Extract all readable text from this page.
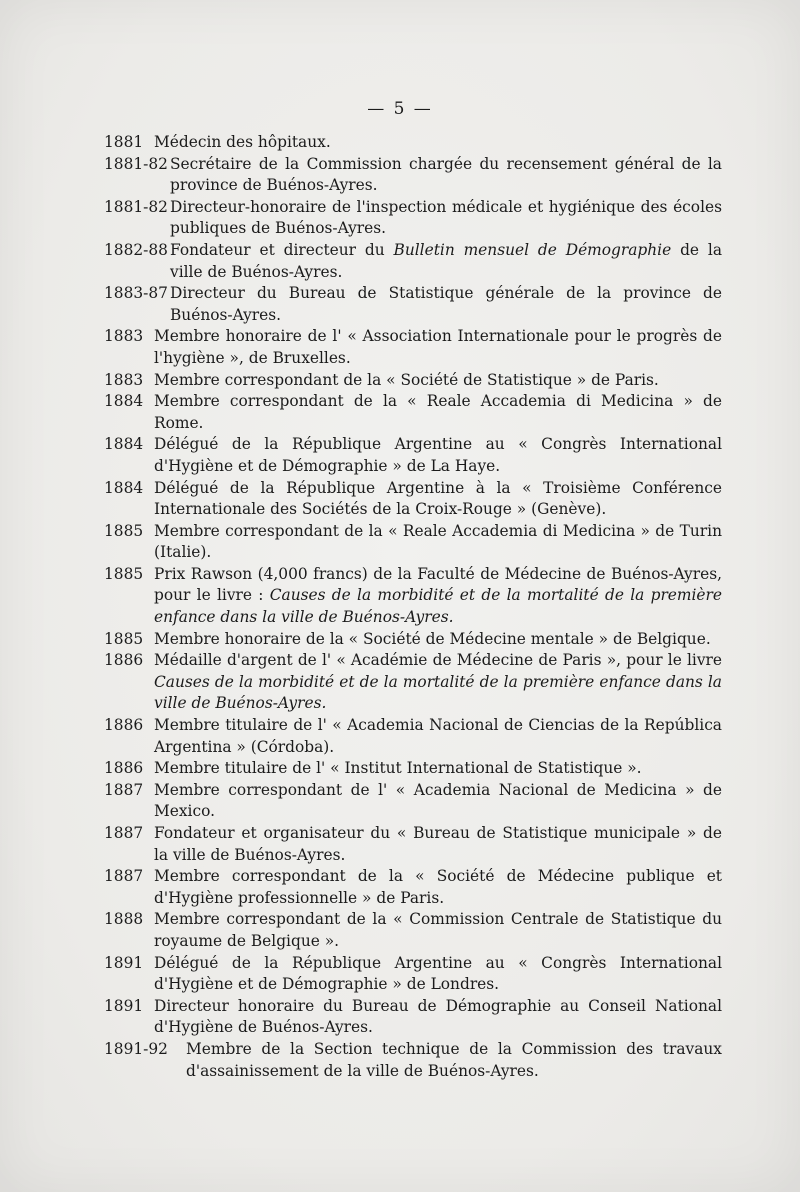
— 5 —

1881 Médecin des hôpitaux.

1881-82 Secrétaire de la Commission chargée du recensement général de la province de Buénos-Ayres.

1881-82 Directeur-honoraire de l'inspection médicale et hygiénique des écoles publiques de Buénos-Ayres.

1882-88 Fondateur et directeur du Bulletin mensuel de Démographie de la ville de Buénos-Ayres.

1883-87 Directeur du Bureau de Statistique générale de la province de Buénos-Ayres.

1883 Membre honoraire de l' « Association Internationale pour le progrès de l'hygiène », de Bruxelles.

1883 Membre correspondant de la « Société de Statistique » de Paris.

1884 Membre correspondant de la « Reale Accademia di Medicina » de Rome.

1884 Délégué de la République Argentine au « Congrès International d'Hygiène et de Démographie » de La Haye.

1884 Délégué de la République Argentine à la « Troisième Conférence Internationale des Sociétés de la Croix-Rouge » (Genève).

1885 Membre correspondant de la « Reale Accademia di Medicina » de Turin (Italie).

1885 Prix Rawson (4,000 francs) de la Faculté de Médecine de Buénos-Ayres, pour le livre : Causes de la morbidité et de la mortalité de la première enfance dans la ville de Buénos-Ayres.

1885 Membre honoraire de la « Société de Médecine mentale » de Belgique.

1886 Médaille d'argent de l' « Académie de Médecine de Paris », pour le livre Causes de la morbidité et de la mortalité de la première enfance dans la ville de Buénos-Ayres.

1886 Membre titulaire de l' « Academia Nacional de Ciencias de la República Argentina » (Córdoba).

1886 Membre titulaire de l' « Institut International de Statistique ».

1887 Membre correspondant de l' « Academia Nacional de Medicina » de Mexico.

1887 Fondateur et organisateur du « Bureau de Statistique municipale » de la ville de Buénos-Ayres.

1887 Membre correspondant de la « Société de Médecine publique et d'Hygiène professionnelle » de Paris.

1888 Membre correspondant de la « Commission Centrale de Statistique du royaume de Belgique ».

1891 Délégué de la République Argentine au « Congrès International d'Hygiène et de Démographie » de Londres.

1891 Directeur honoraire du Bureau de Démographie au Conseil National d'Hygiène de Buénos-Ayres.

1891-92 Membre de la Section technique de la Commission des travaux d'assainissement de la ville de Buénos-Ayres.
